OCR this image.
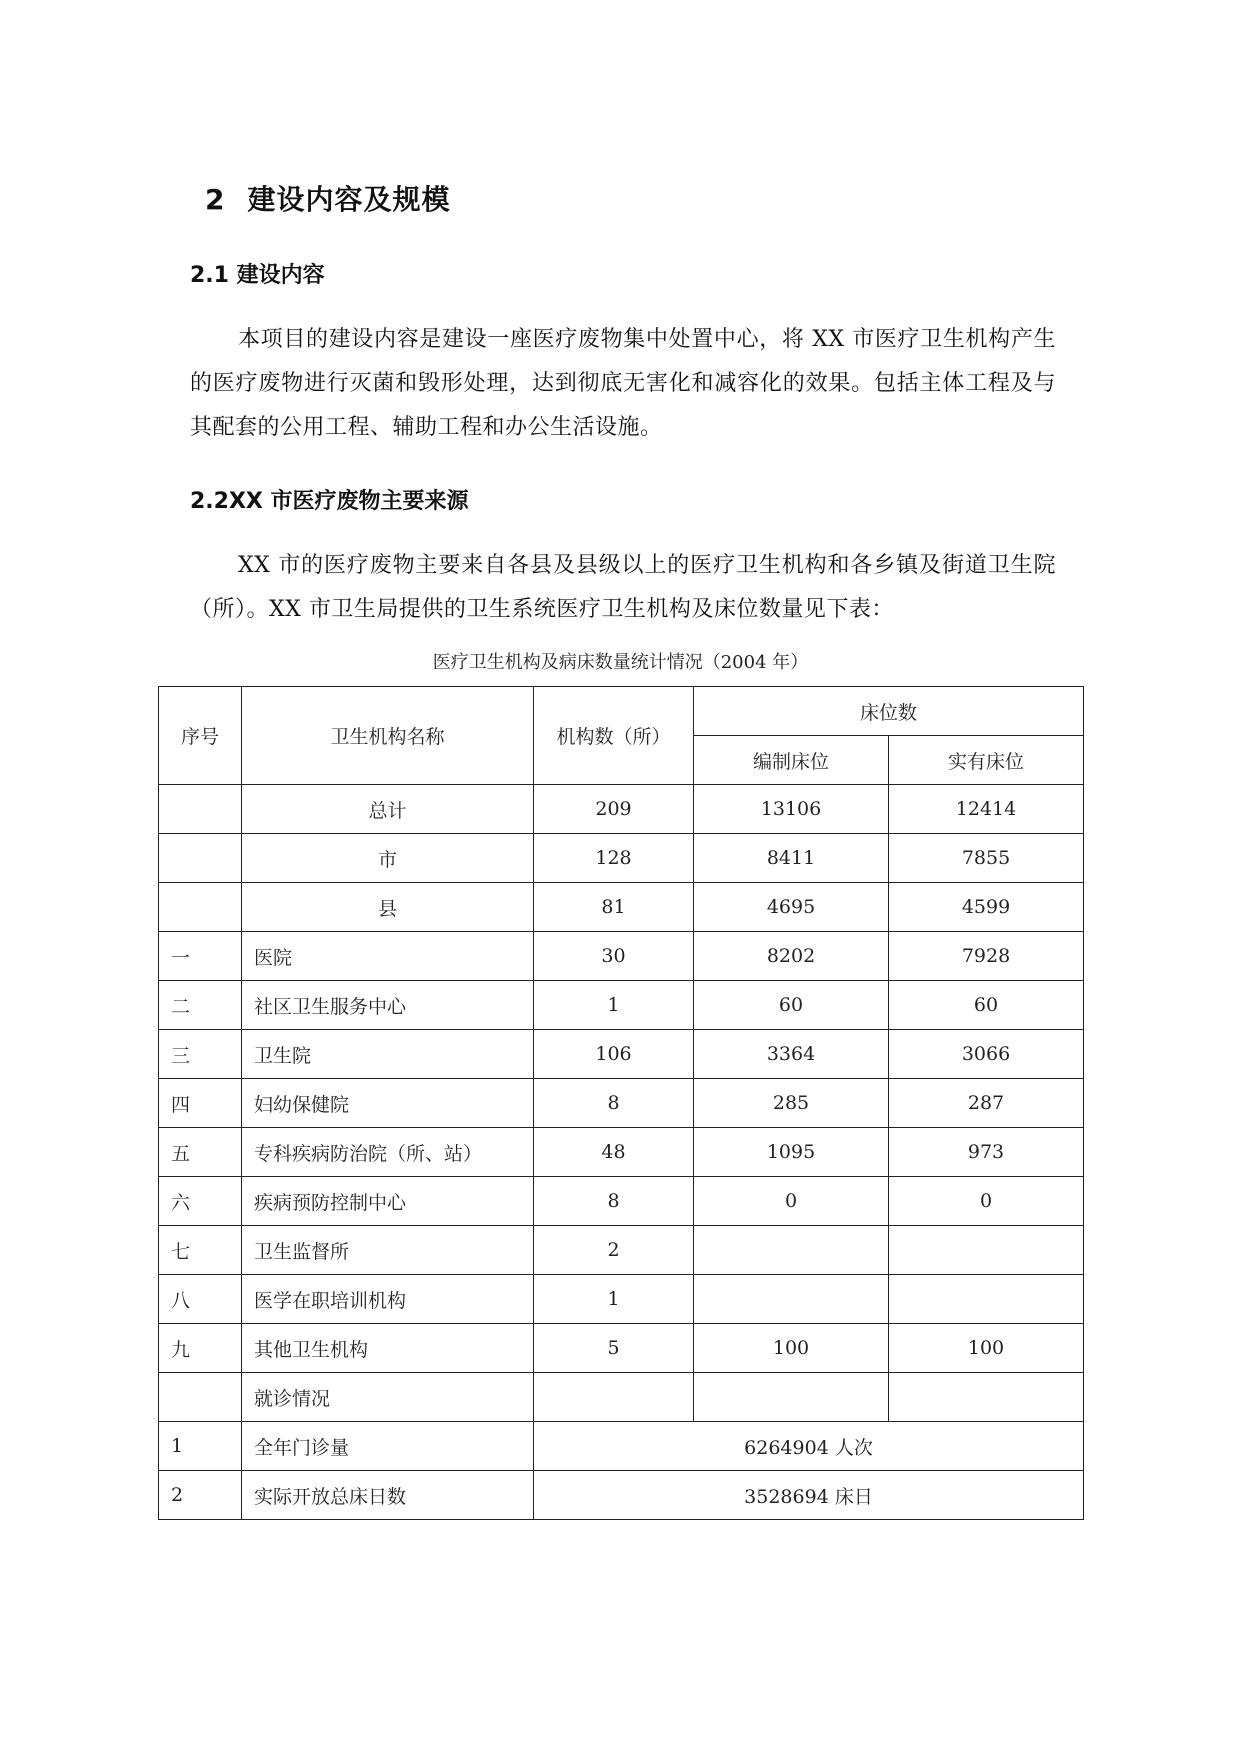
2 建设内容及规模
2.1 建设内容
本项目的建设内容是建设一座医疗废物集中处置中心，将 XX 市医疗卫生机构产生的医疗废物进行灭菌和毁形处理，达到彻底无害化和减容化的效果。包括主体工程及与其配套的公用工程、辅助工程和办公生活设施。
2.2XX 市医疗废物主要来源
XX 市的医疗废物主要来自各县及县级以上的医疗卫生机构和各乡镇及街道卫生院（所）。XX 市卫生局提供的卫生系统医疗卫生机构及床位数量见下表：
医疗卫生机构及病床数量统计情况（2004 年）
序号	卫生机构名称	机构数（所）	床位数	
			编制床位	实有床位
	总计	209	13106	12414
	市	128	8411	7855
	县	81	4695	4599
一	医院	30	8202	7928
二	社区卫生服务中心	1	60	60
三	卫生院	106	3364	3066
四	妇幼保健院	8	285	287
五	专科疾病防治院（所、站）	48	1095	973
六	疾病预防控制中心	8	0	0
七	卫生监督所	2		
八	医学在职培训机构	1		
九	其他卫生机构	5	100	100
	就诊情况			
1	全年门诊量	6264904 人次		
2	实际开放总床日数	3528694 床日		
